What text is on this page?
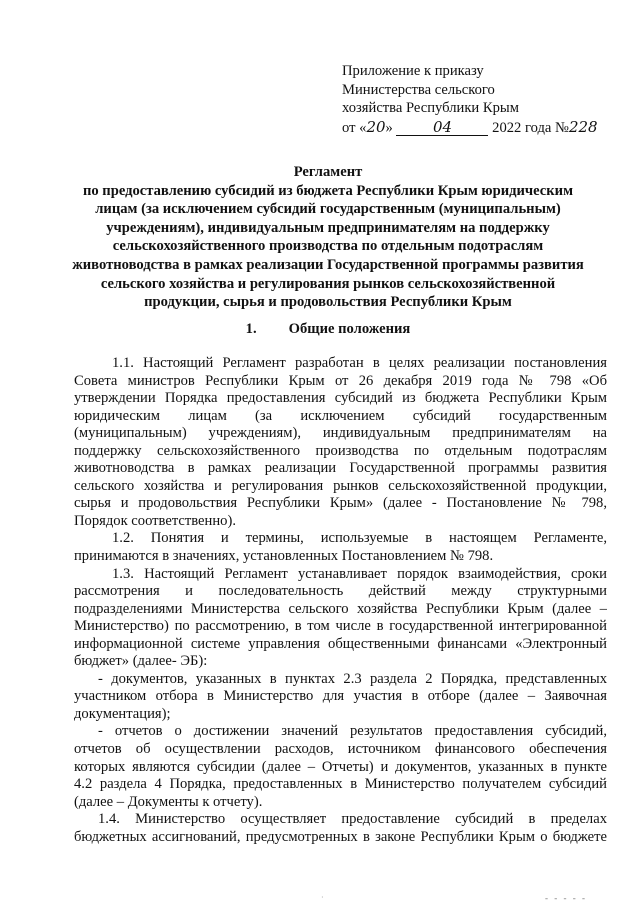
Приложение к приказу
Министерства сельского
хозяйства Республики Крым
от «20»	04	2022 года №228
Регламент
по предоставлению субсидий из бюджета Республики Крым юридическим
лицам (за исключением субсидий государственным (муниципальным)
учреждениям), индивидуальным предпринимателям на поддержку
сельскохозяйственного производства по отдельным подотраслям
животноводства в рамках реализации Государственной программы развития
сельского хозяйства и регулирования рынков сельскохозяйственной
продукции, сырья и продовольствия Республики Крым
1. Общие положения
1.1. Настоящий Регламент разработан в целях реализации постановления
Совета министров Республики Крым от 26 декабря 2019 года № 798 «Об
утверждении Порядка предоставления субсидий из бюджета Республики Крым
юридическим лицам (за исключением субсидий государственным
(муниципальным) учреждениям), индивидуальным предпринимателям на
поддержку сельскохозяйственного производства по отдельным подотраслям
животноводства в рамках реализации Государственной программы развития
сельского хозяйства и регулирования рынков сельскохозяйственной продукции,
сырья и продовольствия Республики Крым» (далее - Постановление № 798,
Порядок соответственно).
1.2. Понятия и термины, используемые в настоящем Регламенте,
принимаются в значениях, установленных Постановлением № 798.
1.3. Настоящий Регламент устанавливает порядок взаимодействия, сроки
рассмотрения и последовательность действий между структурными
подразделениями Министерства сельского хозяйства Республики Крым (далее –
Министерство) по рассмотрению, в том числе в государственной интегрированной
информационной системе управления общественными финансами «Электронный
бюджет» (далее- ЭБ):
- документов, указанных в пунктах 2.3 раздела 2 Порядка, представленных
участником отбора в Министерство для участия в отборе (далее – Заявочная
документация);
- отчетов о достижении значений результатов предоставления субсидий,
отчетов об осуществлении расходов, источником финансового обеспечения
которых являются субсидии (далее – Отчеты) и документов, указанных в пункте
4.2 раздела 4 Порядка, предоставленных в Министерство получателем субсидий
(далее – Документы к отчету).
1.4. Министерство осуществляет предоставление субсидий в пределах
бюджетных ассигнований, предусмотренных в законе Республики Крым о бюджете
·	- - - - -
